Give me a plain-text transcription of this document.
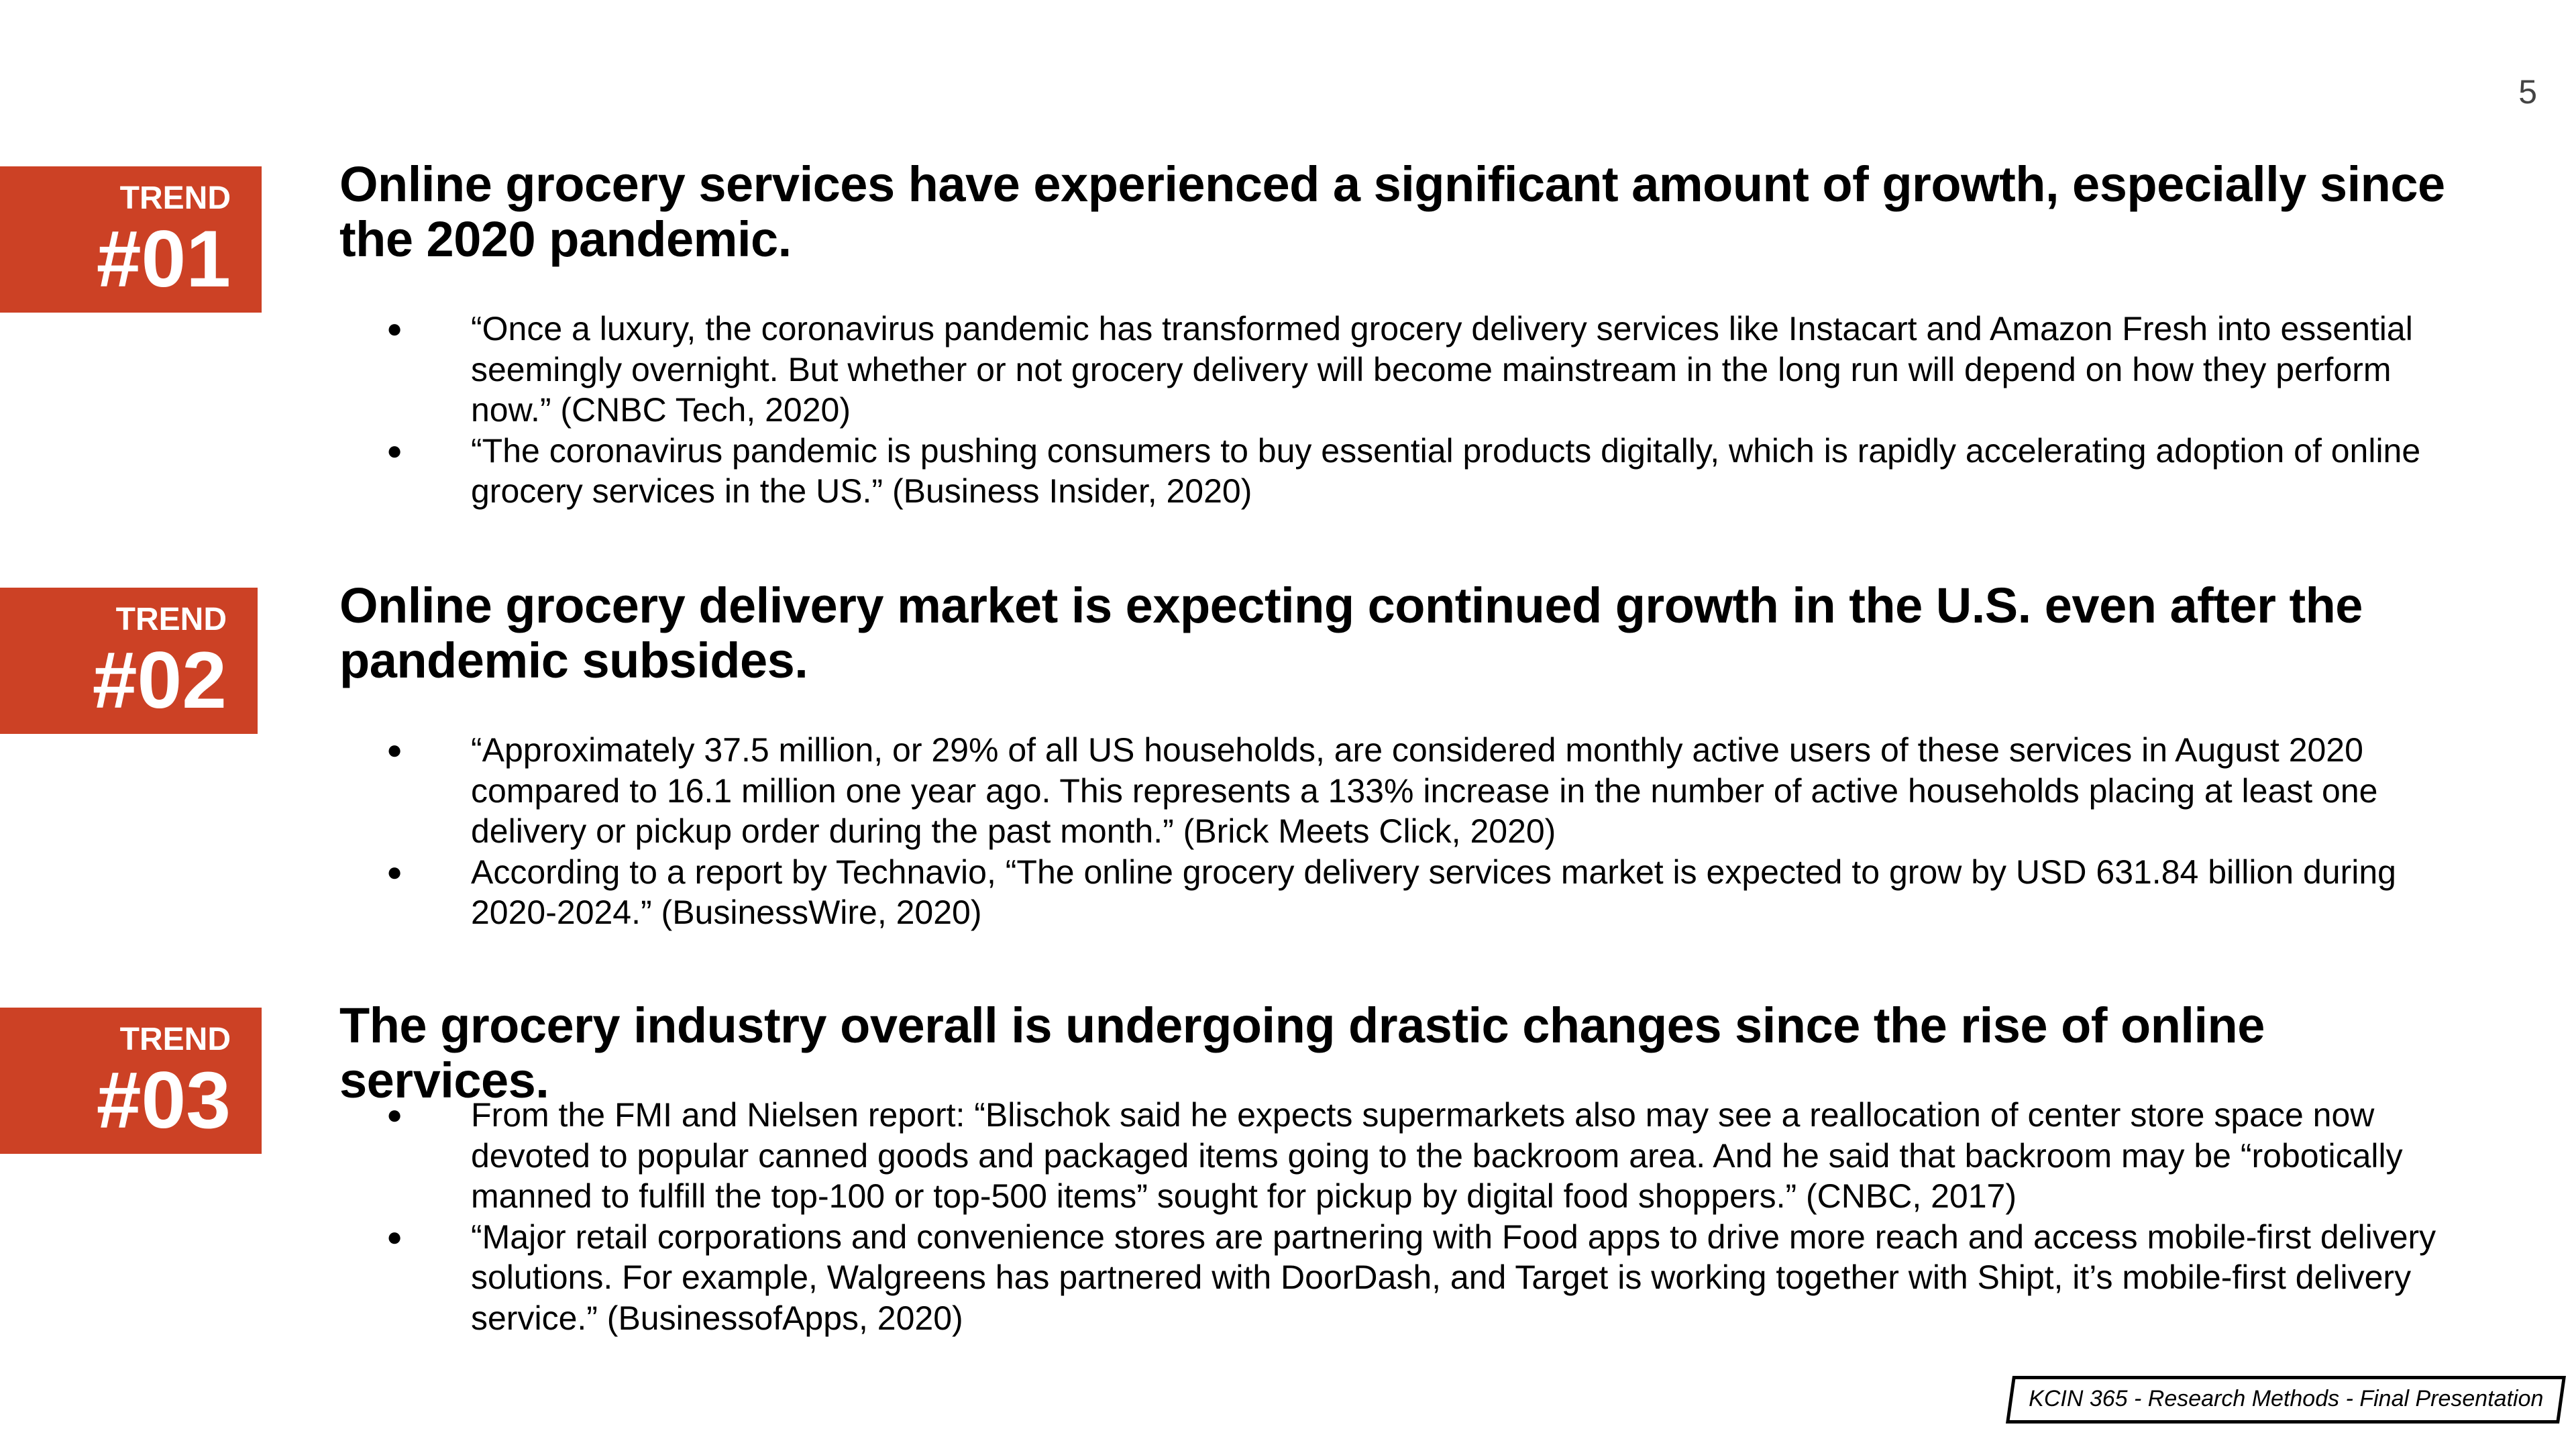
5
TREND
#01
Online grocery services have experienced a significant amount of growth, especially since the 2020 pandemic.
● “Once a luxury, the coronavirus pandemic has transformed grocery delivery services like Instacart and Amazon Fresh into essential seemingly overnight. But whether or not grocery delivery will become mainstream in the long run will depend on how they perform now.” (CNBC Tech, 2020)
● “The coronavirus pandemic is pushing consumers to buy essential products digitally, which is rapidly accelerating adoption of online grocery services in the US.” (Business Insider, 2020)
TREND
#02
Online grocery delivery market is expecting continued growth in the U.S. even after the pandemic subsides.
● “Approximately 37.5 million, or 29% of all US households, are considered monthly active users of these services in August 2020 compared to 16.1 million one year ago. This represents a 133% increase in the number of active households placing at least one delivery or pickup order during the past month.” (Brick Meets Click, 2020)
● According to a report by Technavio, “The online grocery delivery services market is expected to grow by USD 631.84 billion during 2020-2024.” (BusinessWire, 2020)
TREND
#03
The grocery industry overall is undergoing drastic changes since the rise of online services.
● From the FMI and Nielsen report: “Blischok said he expects supermarkets also may see a reallocation of center store space now devoted to popular canned goods and packaged items going to the backroom area. And he said that backroom may be “robotically manned to fulfill the top-100 or top-500 items” sought for pickup by digital food shoppers.” (CNBC, 2017)
● “Major retail corporations and convenience stores are partnering with Food apps to drive more reach and access mobile-first delivery solutions. For example, Walgreens has partnered with DoorDash, and Target is working together with Shipt, it’s mobile-first delivery service.” (BusinessofApps, 2020)
KCIN 365 - Research Methods - Final Presentation
